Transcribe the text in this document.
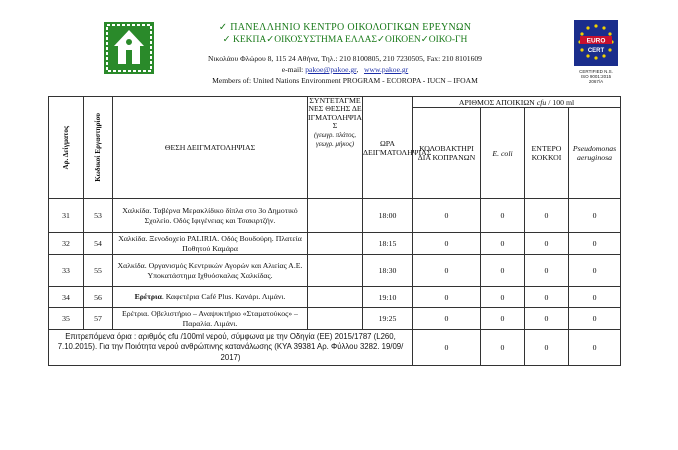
✓ ΠΑΝΕΛΛΗΝΙΟ ΚΕΝΤΡΟ ΟΙΚΟΛΟΓΙΚΩΝ ΕΡΕΥΝΩΝ
✓ ΚΕΚΠΑ✓ΟΙΚΟΣΥΣΤΗΜΑ ΕΛΛΑΣ✓ΟΙΚΟΕΝ✓ΟΙΚΟ-ΓΗ
Νικολάου Φλώρου 8, 115 24 Αθήνα, Τηλ.: 210 8100805, 210 7230505, Fax: 210 8101609
e-mail: pakoe@pakoe.gr,   www.pakoe.gr
Members of: United Nations Environment PROGRAM - ECOROPA - IUCN – IFOAM
EURO
CERT
CERTIFIED N.S.
ISO 9001:2015
2067/A
Αρ. Δείγματος	Κωδικοί Εργαστηρίου	ΘΕΣΗ ΔΕΙΓΜΑΤΟΛΗΨΙΑΣ	ΣΥΝΤΕΤΑΓΜΕΝΕΣ ΘΕΣΗΣ ΔΕΙΓΜΑΤΟΛΗΨΙΑΣ
(γεωγρ. πλάτος, γεωγρ. μήκος)	ΩΡΑ ΔΕΙΓΜΑΤΟΛΗΨΙΑΣ	ΑΡΙΘΜΟΣ ΑΠΟΙΚΙΩΝ cfu / 100 ml			
					ΚΟΛΟΒΑΚΤΗΡΙΔΙΑ ΚΟΠΡΑΝΩΝ	E. coli	ΕΝΤΕΡΟΚΟΚΚΟΙ	Pseudomonas aeruginosa
31	53	Χαλκίδα. Ταβέρνα Μερακλίδικο δίπλα στο 3ο Δημοτικό Σχολείο. Οδός Ιφιγένειας και Τσακιρτζήν.		18:00	0	0	0	0
32	54	Χαλκίδα. Ξενοδοχείο PALIRIA. Οδός Βουδούρη. Πλατεία Ποθητού Καμάρα		18:15	0	0	0	0
33	55	Χαλκίδα. Οργανισμός Κεντρικών Αγορών και Αλιείας Α.Ε. Υποκατάστημα Ιχθυόσκαλας Χαλκίδας.		18:30	0	0	0	0
34	56	Ερέτρια. Καφετέρια Café Plus. Κανάρι. Λιμάνι.		19:10	0	0	0	0
35	57	Ερέτρια. Οβελιστήριο – Αναψυκτήριο «Σταματούκος» – Παραλία. Λιμάνι.		19:25	0	0	0	0
Επιτρεπόμενα όρια : αριθμός cfu /100ml νερού, σύμφωνα με την Οδηγία (ΕΕ) 2015/1787 (L260, 7.10.2015). Για την Ποιότητα νερού ανθρώπινης κατανάλωσης (ΚΥΑ 39381 Αρ. Φύλλου 3282. 19/09/ 2017)					0	0	0	0
